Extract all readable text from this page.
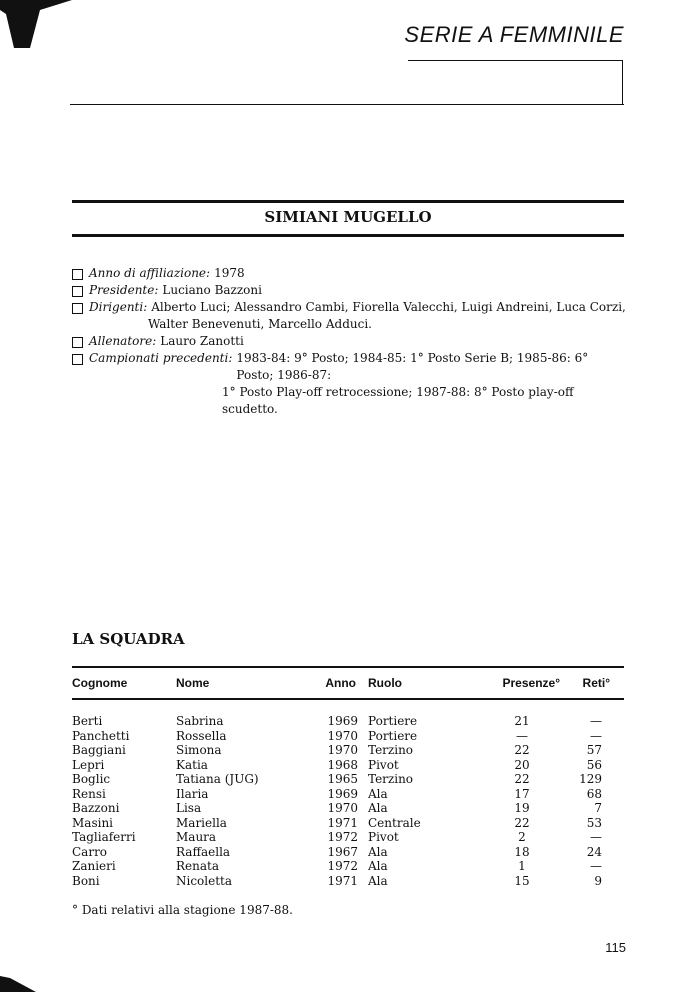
SERIE A FEMMINILE
SIMIANI MUGELLO
Anno di affiliazione: 1978
Presidente: Luciano Bazzoni
Dirigenti: Alberto Luci; Alessandro Cambi, Fiorella Valecchi, Luigi Andreini, Luca Corzi,
Walter Benevenuti, Marcello Adduci.
Allenatore: Lauro Zanotti
Campionati precedenti: 1983-84: 9° Posto; 1984-85: 1° Posto Serie B; 1985-86: 6° Posto; 1986-87:
1° Posto Play-off retrocessione; 1987-88: 8° Posto play-off scudetto.
LA SQUADRA
Cognome	Nome	Anno Ruolo	Presenze° Reti°
Berti	Sabrina	1969 Portiere	21	—
Panchetti	Rossella	1970 Portiere	—	—
Baggiani	Simona	1970 Terzino	22	57
Lepri	Katia	1968 Pivot	20	56
Boglic	Tatiana (JUG)	1965 Terzino	22	129
Rensi	Ilaria	1969 Ala	17	68
Bazzoni	Lisa	1970 Ala	19	7
Masini	Mariella	1971 Centrale	22	53
Tagliaferri	Maura	1972 Pivot	2	—
Carro	Raffaella	1967 Ala	18	24
Zanieri	Renata	1972 Ala	1	—
Boni	Nicoletta	1971 Ala	15	9
° Dati relativi alla stagione 1987-88.
115
